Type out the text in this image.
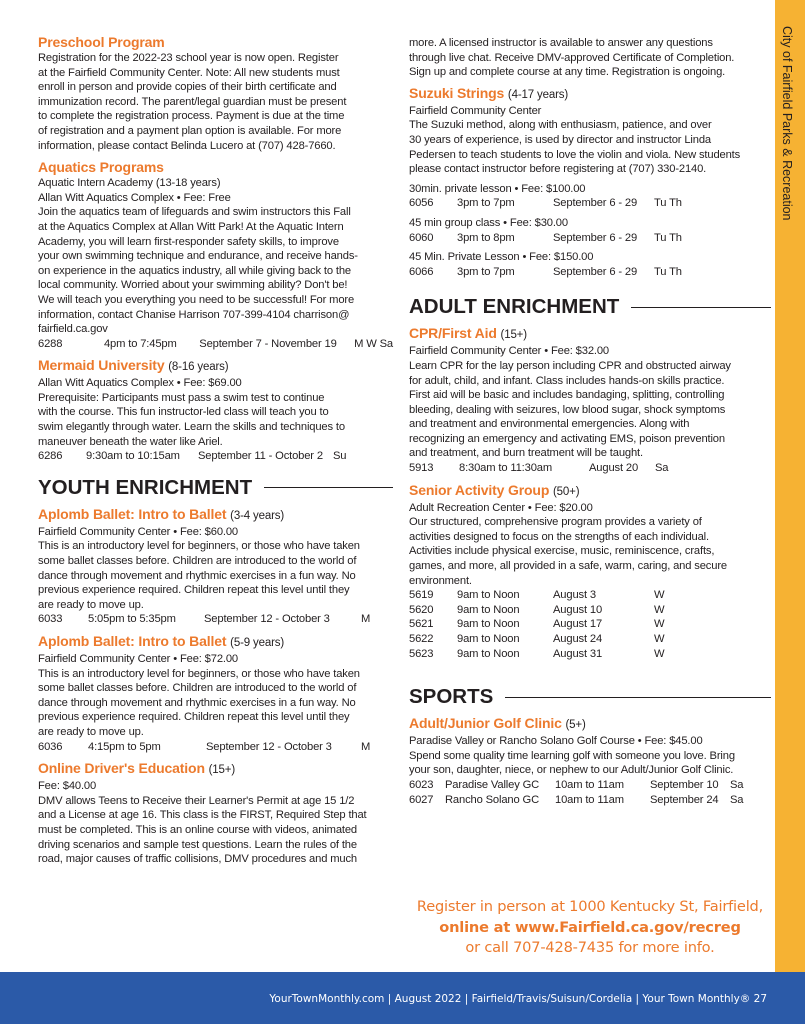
City of Fairfield Parks & Recreation
Preschool Program
Registration for the 2022-23 school year is now open. Register
at the Fairfield Community Center. Note: All new students must
enroll in person and provide copies of their birth certificate and
immunization record. The parent/legal guardian must be present
to complete the registration process. Payment is due at the time
of registration and a payment plan option is available. For more
information, please contact Belinda Lucero at (707) 428-7660.
Aquatics Programs
Aquatic Intern Academy (13-18 years)
Allan Witt Aquatics Complex • Fee: Free
Join the aquatics team of lifeguards and swim instructors this Fall
at the Aquatics Complex at Allan Witt Park! At the Aquatic Intern
Academy, you will learn first-responder safety skills, to improve
your own swimming technique and endurance, and receive hands-
on experience in the aquatics industry, all while giving back to the
local community. Worried about your swimming ability? Don't be!
We will teach you everything you need to be successful! For more
information, contact Chanise Harrison 707-399-4104 charrison@
fairfield.ca.gov
6288	4pm to 7:45pm	September 7 - November 19	M W Sa
Mermaid University (8-16 years)
Allan Witt Aquatics Complex • Fee: $69.00
Prerequisite: Participants must pass a swim test to continue
with the course. This fun instructor-led class will teach you to
swim elegantly through water. Learn the skills and techniques to
maneuver beneath the water like Ariel.
6286	9:30am to 10:15am	September 11 - October 2 Su
YOUTH ENRICHMENT
Aplomb Ballet: Intro to Ballet (3-4 years)
Fairfield Community Center • Fee: $60.00
This is an introductory level for beginners, or those who have taken
some ballet classes before. Children are introduced to the world of
dance through movement and rhythmic exercises in a fun way. No
previous experience required. Children repeat this level until they
are ready to move up.
6033	5:05pm to 5:35pm	September 12 - October 3	M
Aplomb Ballet: Intro to Ballet (5-9 years)
Fairfield Community Center • Fee: $72.00
This is an introductory level for beginners, or those who have taken
some ballet classes before. Children are introduced to the world of
dance through movement and rhythmic exercises in a fun way. No
previous experience required. Children repeat this level until they
are ready to move up.
6036	4:15pm to 5pm	September 12 - October 3	M
Online Driver's Education (15+)
Fee: $40.00
DMV allows Teens to Receive their Learner's Permit at age 15 1/2
and a License at age 16. This class is the FIRST, Required Step that
must be completed. This is an online course with videos, animated
driving scenarios and sample test questions. Learn the rules of the
road, major causes of traffic collisions, DMV procedures and much
more. A licensed instructor is available to answer any questions
through live chat. Receive DMV-approved Certificate of Completion.
Sign up and complete course at any time. Registration is ongoing.
Suzuki Strings (4-17 years)
Fairfield Community Center
The Suzuki method, along with enthusiasm, patience, and over
30 years of experience, is used by director and instructor Linda
Pedersen to teach students to love the violin and viola. New students
please contact instructor before registering at (707) 330-2140.
30min. private lesson • Fee: $100.00
6056	3pm to 7pm	September 6 - 29	Tu Th
45 min group class • Fee: $30.00
6060	3pm to 8pm	September 6 - 29	Tu Th
45 Min. Private Lesson • Fee: $150.00
6066	3pm to 7pm	September 6 - 29	Tu Th
ADULT ENRICHMENT
CPR/First Aid (15+)
Fairfield Community Center • Fee: $32.00
Learn CPR for the lay person including CPR and obstructed airway
for adult, child, and infant. Class includes hands-on skills practice.
First aid will be basic and includes bandaging, splitting, controlling
bleeding, dealing with seizures, low blood sugar, shock symptoms
and treatment and environmental emergencies. Along with
recognizing an emergency and activating EMS, poison prevention
and treatment, and burn treatment will be taught.
5913	8:30am to 11:30am	August 20	Sa
Senior Activity Group (50+)
Adult Recreation Center • Fee: $20.00
Our structured, comprehensive program provides a variety of
activities designed to focus on the strengths of each individual.
Activities include physical exercise, music, reminiscence, crafts,
games, and more, all provided in a safe, warm, caring, and secure
environment.
5619	9am to Noon	August 3	W
5620	9am to Noon	August 10	W
5621	9am to Noon	August 17	W
5622	9am to Noon	August 24	W
5623	9am to Noon	August 31	W
SPORTS
Adult/Junior Golf Clinic (5+)
Paradise Valley or Rancho Solano Golf Course • Fee: $45.00
Spend some quality time learning golf with someone you love. Bring
your son, daughter, niece, or nephew to our Adult/Junior Golf Clinic.
6023	Paradise Valley GC	10am to 11am	September 10	Sa
6027	Rancho Solano GC	10am to 11am	September 24	Sa
Register in person at 1000 Kentucky St, Fairfield,
online at www.Fairfield.ca.gov/recreg
or call 707-428-7435 for more info.
YourTownMonthly.com | August 2022 | Fairfield/Travis/Suisun/Cordelia | Your Town Monthly® 27
